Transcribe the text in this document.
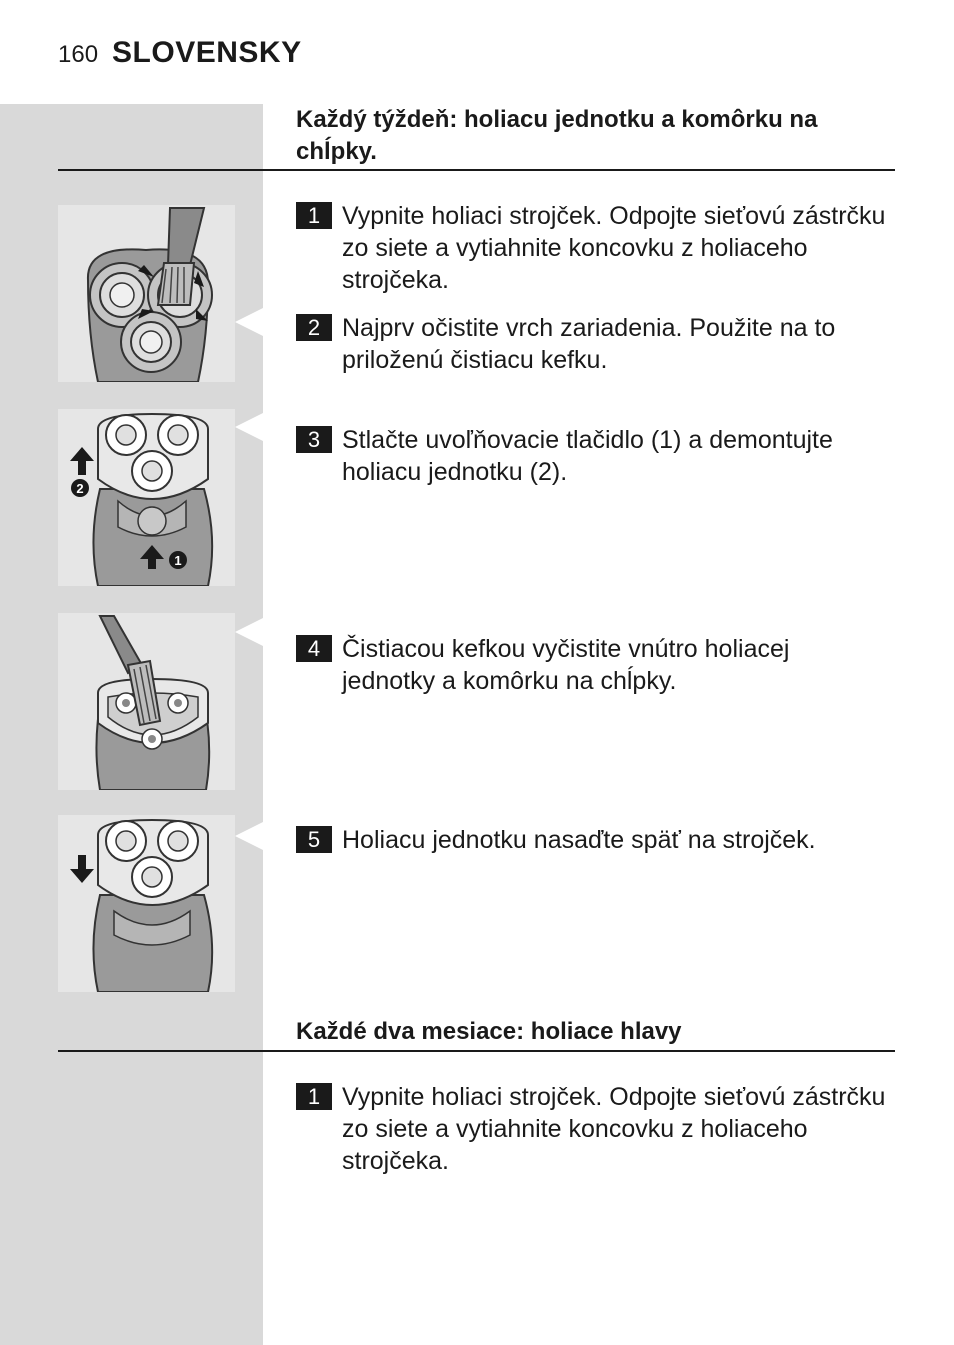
160 SLOVENSKY
Každý týždeň: holiacu jednotku a komôrku na chĺpky.
1 Vypnite holiaci strojček. Odpojte sieťovú zástrčku zo siete a vytiahnite koncovku z holiaceho strojčeka.
2 Najprv očistite vrch zariadenia. Použite na to priloženú čistiacu kefku.
3 Stlačte uvoľňovacie tlačidlo (1) a demontujte holiacu jednotku (2).
4 Čistiacou kefkou vyčistite vnútro holiacej jednotky a komôrku na chĺpky.
5 Holiacu jednotku nasaďte späť na strojček.
2
1
Každé dva mesiace: holiace hlavy
1 Vypnite holiaci strojček. Odpojte sieťovú zástrčku zo siete a vytiahnite koncovku z holiaceho strojčeka.
